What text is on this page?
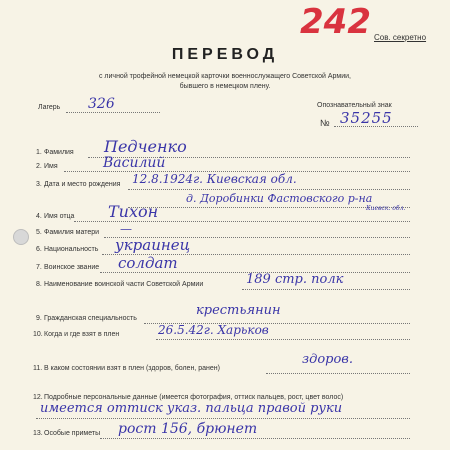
242 Сов. секретно
ПЕРЕВОД
с личной трофейной немецкой карточки военнослужащего Советской Армии,
бывшего в немецком плену.
Лагерь 326	Опознавательный знак
№ 35255
1. Фамилия Педченко
2. Имя	Василий
3. Дата и место рождения 12.8.1924г. Киевская обл.
д. Доробинки Фастовского р-на
Киевск. обл.
4. Имя отца Тихон
5. Фамилия матери —
6. Национальность украинец
7. Воинское звание солдат
8. Наименование воинской части Советской Армии	189 стр. полк
9. Гражданская специальность
крестьянин
10. Когда и где взят в плен	26.5.42г. Харьков
11. В каком состоянии взят в плен (здоров, болен, ранен)
здоров.
12. Подробные персональные данные (имеется фотография, оттиск пальцев, рост, цвет волос)
имеется оттиск указ. пальца правой руки
13. Особые приметы рост 156, брюнет
